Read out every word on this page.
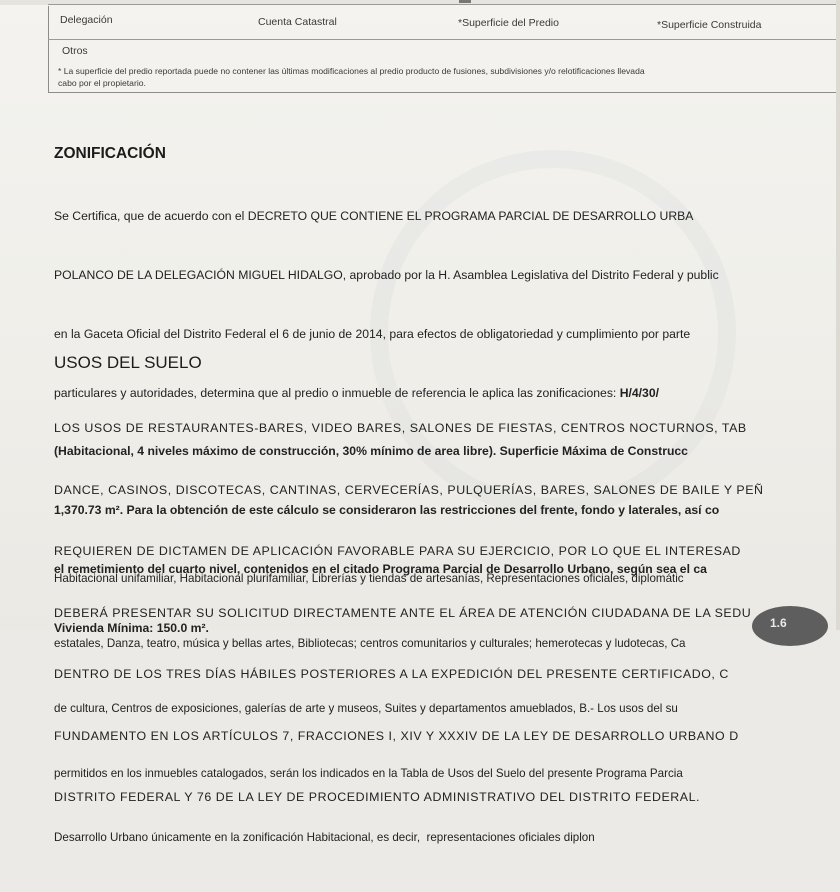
Delegación	Cuenta Catastral	*Superficie del Predio	*Superficie Construida
Otros
* La superficie del predio reportada puede no contener las últimas modificaciones al predio producto de fusiones, subdivisiones y/o relotificaciones llevada
cabo por el propietario.
ZONIFICACIÓN

Se Certifica, que de acuerdo con el DECRETO QUE CONTIENE EL PROGRAMA PARCIAL DE DESARROLLO URBA

POLANCO DE LA DELEGACIÓN MIGUEL HIDALGO, aprobado por la H. Asamblea Legislativa del Distrito Federal y public

en la Gaceta Oficial del Distrito Federal el 6 de junio de 2014, para efectos de obligatoriedad y cumplimiento por parte

particulares y autoridades, determina que al predio o inmueble de referencia le aplica las zonificaciones: H/4/30/

(Habitacional, 4 niveles máximo de construcción, 30% mínimo de area libre). Superficie Máxima de Construcc

1,370.73 m². Para la obtención de este cálculo se consideraron las restricciones del frente, fondo y laterales, así co

el remetimiento del cuarto nivel, contenidos en el citado Programa Parcial de Desarrollo Urbano, según sea el ca

Vivienda Mínima: 150.0 m².

USOS DEL SUELO

LOS USOS DE RESTAURANTES-BARES, VIDEO BARES, SALONES DE FIESTAS, CENTROS NOCTURNOS, TAB

DANCE, CASINOS, DISCOTECAS, CANTINAS, CERVECERÍAS, PULQUERÍAS, BARES, SALONES DE BAILE Y PEÑ

REQUIEREN DE DICTAMEN DE APLICACIÓN FAVORABLE PARA SU EJERCICIO, POR LO QUE EL INTERESAD

DEBERÁ PRESENTAR SU SOLICITUD DIRECTAMENTE ANTE EL ÁREA DE ATENCIÓN CIUDADANA DE LA SEDU

DENTRO DE LOS TRES DÍAS HÁBILES POSTERIORES A LA EXPEDICIÓN DEL PRESENTE CERTIFICADO, C

FUNDAMENTO EN LOS ARTÍCULOS 7, FRACCIONES I, XIV Y XXXIV DE LA LEY DE DESARROLLO URBANO D

DISTRITO FEDERAL Y 76 DE LA LEY DE PROCEDIMIENTO ADMINISTRATIVO DEL DISTRITO FEDERAL.

Habitacional unifamiliar, Habitacional plurifamiliar, Librerías y tiendas de artesanías, Representaciones oficiales, diplomátic

estatales, Danza, teatro, música y bellas artes, Bibliotecas; centros comunitarios y culturales; hemerotecas y ludotecas, Ca

de cultura, Centros de exposiciones, galerías de arte y museos, Suites y departamentos amueblados, B.- Los usos del su

permitidos en los inmuebles catalogados, serán los indicados en la Tabla de Usos del Suelo del presente Programa Parcia

Desarrollo Urbano únicamente en la zonificación Habitacional, es decir,  representaciones oficiales diplon

1.6
